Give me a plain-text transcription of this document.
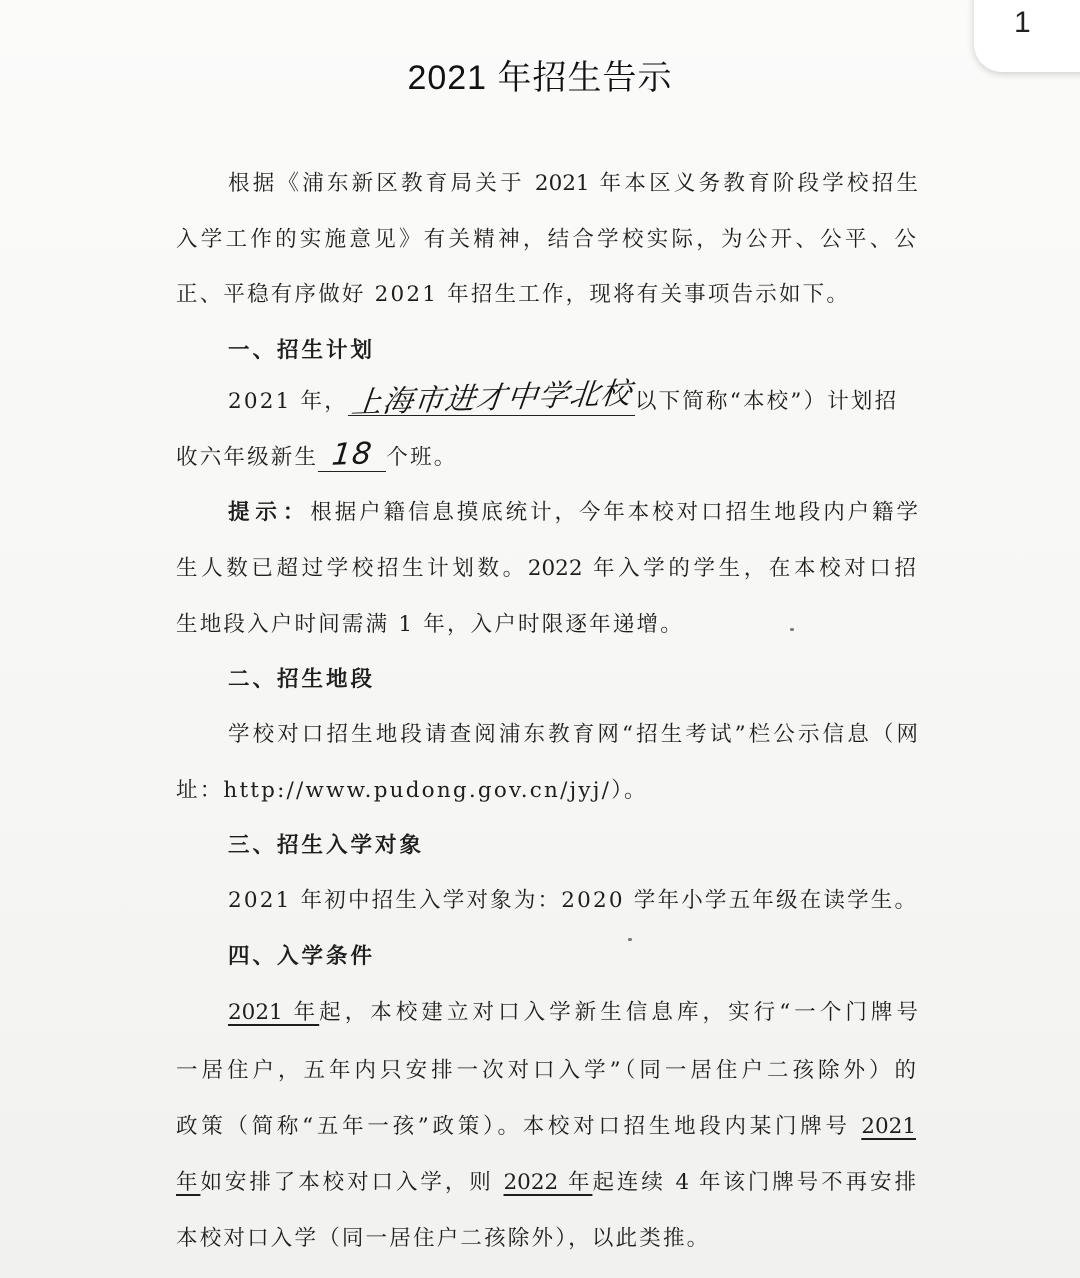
1
2021 年招生告示
根据《浦东新区教育局关于 2021 年本区义务教育阶段学校招生
入学工作的实施意见》有关精神，结合学校实际，为公开、公平、公
正、平稳有序做好 2021 年招生工作，现将有关事项告示如下。
一、招生计划
2021 年，上海市进才中学北校以下简称“本校”）计划招
收六年级新生 18 个班。
提示：根据户籍信息摸底统计，今年本校对口招生地段内户籍学
生人数已超过学校招生计划数。2022 年入学的学生，在本校对口招
生地段入户时间需满 1 年，入户时限逐年递增。
二、招生地段
学校对口招生地段请查阅浦东教育网“招生考试”栏公示信息（网
址：http://www.pudong.gov.cn/jyj/）。
三、招生入学对象
2021 年初中招生入学对象为：2020 学年小学五年级在读学生。
四、入学条件
2021 年起，本校建立对口入学新生信息库，实行“一个门牌号
一居住户，五年内只安排一次对口入学”（同一居住户二孩除外）的
政策（简称“五年一孩”政策）。本校对口招生地段内某门牌号 2021
年如安排了本校对口入学，则 2022 年起连续 4 年该门牌号不再安排
本校对口入学（同一居住户二孩除外），以此类推。
